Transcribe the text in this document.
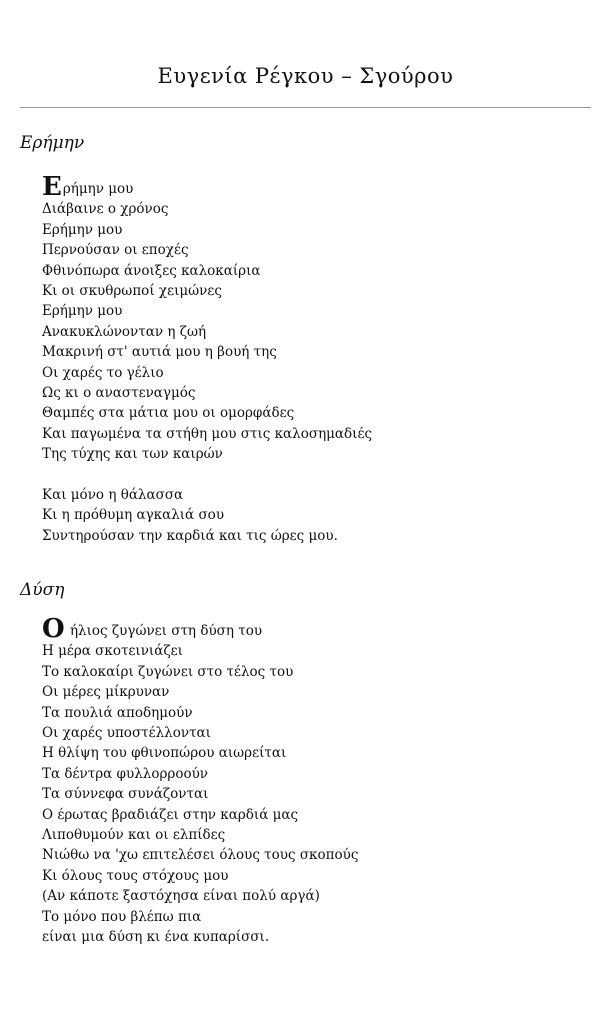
Ευγενία Ρέγκου – Σγούρου
Ερήμην
Ερήμην μου
Διάβαινε ο χρόνος
Ερήμην μου
Περνούσαν οι εποχές
Φθινόπωρα άνοιξες καλοκαίρια
Κι οι σκυθρωποί χειμώνες
Ερήμην μου
Ανακυκλώνονταν η ζωή
Μακρινή στ' αυτιά μου η βουή της
Οι χαρές το γέλιο
Ως κι ο αναστεναγμός
Θαμπές στα μάτια μου οι ομορφάδες
Και παγωμένα τα στήθη μου στις καλοσημαδιές
Της τύχης και των καιρών
Και μόνο η θάλασσα
Κι η πρόθυμη αγκαλιά σου
Συντηρούσαν την καρδιά και τις ώρες μου.
Δύση
Ο ήλιος ζυγώνει στη δύση του
Η μέρα σκοτεινιάζει
Το καλοκαίρι ζυγώνει στο τέλος του
Οι μέρες μίκρυναν
Τα πουλιά αποδημούν
Οι χαρές υποστέλλονται
Η θλίψη του φθινοπώρου αιωρείται
Τα δέντρα φυλλορροούν
Τα σύννεφα συνάζονται
Ο έρωτας βραδιάζει στην καρδιά μας
Λιποθυμούν και οι ελπίδες
Νιώθω να 'χω επιτελέσει όλους τους σκοπούς
Κι όλους τους στόχους μου
(Αν κάποτε ξαστόχησα είναι πολύ αργά)
Το μόνο που βλέπω πια
είναι μια δύση κι ένα κυπαρίσσι.
